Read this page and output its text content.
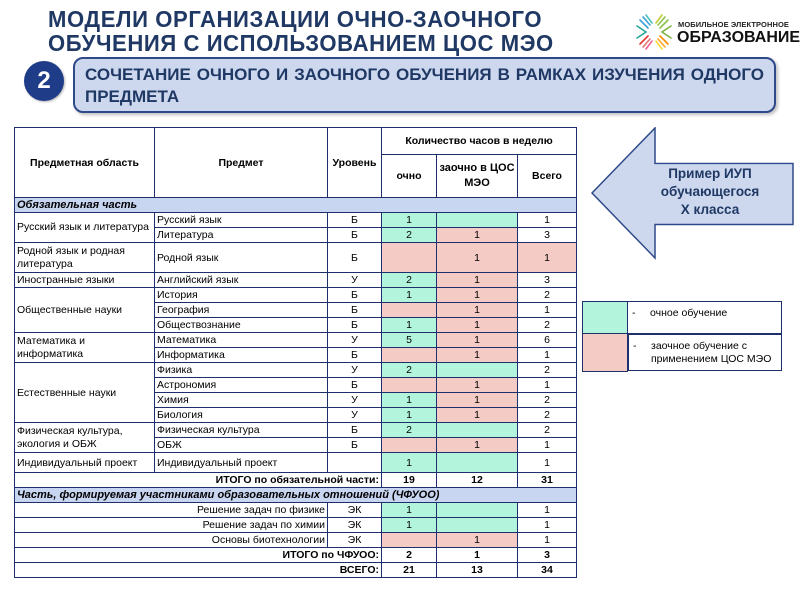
МОДЕЛИ ОРГАНИЗАЦИИ ОЧНО-ЗАОЧНОГО
ОБУЧЕНИЯ С ИСПОЛЬЗОВАНИЕМ ЦОС МЭО
МОБИЛЬНОЕ ЭЛЕКТРОННОЕ
ОБРАЗОВАНИЕ
2	СОЧЕТАНИЕ ОЧНОГО И ЗАОЧНОГО ОБУЧЕНИЯ В РАМКАХ ИЗУЧЕНИЯ ОДНОГО ПРЕДМЕТА
Предметная область	Предмет	Уровень	Количество часов в неделю		
			очно	заочно в ЦОС МЭО	Всего
Обязательная часть					
Русский язык и литература	Русский язык	Б	1		1
	Литература	Б	2	1	3
Родной язык и родная литература	Родной язык	Б		1	1
Иностранные языки	Английский язык	У	2	1	3
Общественные науки	История	Б	1	1	2
	География	Б		1	1
	Обществознание	Б	1	1	2
Математика и информатика	Математика	У	5	1	6
	Информатика	Б		1	1
Естественные науки	Физика	У	2		2
	Астрономия	Б		1	1
	Химия	У	1	1	2
	Биология	У	1	1	2
Физическая культура, экология и ОБЖ	Физическая культура	Б	2		2
	ОБЖ	Б		1	1
Индивидуальный проект	Индивидуальный проект		1		1
ИТОГО по обязательной части:			19	12	31
Часть, формируемая участниками образовательных отношений (ЧФУОО)					
Решение задач по физике		ЭК	1		1
Решение задач по химии		ЭК	1		1
Основы биотехнологии		ЭК		1	1
ИТОГО по ЧФУОО:			2	1	3
ВСЕГО:			21	13	34
Пример ИУП
обучающегося
X класса
	- очное обучение

-	заочное обучение с применением ЦОС МЭО
